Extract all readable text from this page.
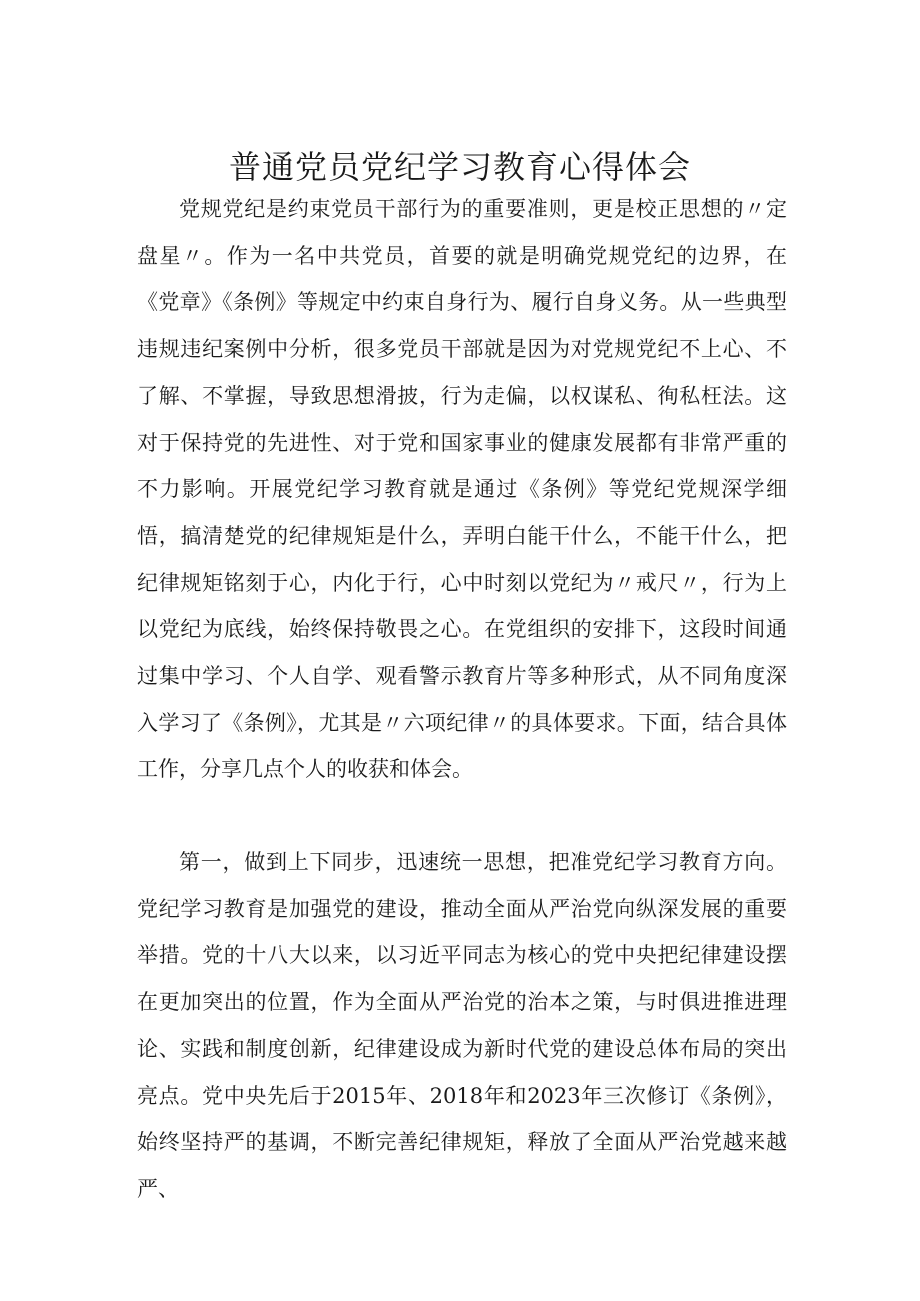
普通党员党纪学习教育心得体会

党规党纪是约束党员干部行为的重要准则，更是校正思想的〃定盘星〃。作为一名中共党员，首要的就是明确党规党纪的边界，在《党章》《条例》等规定中约束自身行为、履行自身义务。从一些典型违规违纪案例中分析，很多党员干部就是因为对党规党纪不上心、不了解、不掌握，导致思想滑披，行为走偏，以权谋私、徇私枉法。这对于保持党的先进性、对于党和国家事业的健康发展都有非常严重的不力影响。开展党纪学习教育就是通过《条例》等党纪党规深学细悟，搞清楚党的纪律规矩是什么，弄明白能干什么，不能干什么，把纪律规矩铭刻于心，内化于行，心中时刻以党纪为〃戒尺〃，行为上以党纪为底线，始终保持敬畏之心。在党组织的安排下，这段时间通过集中学习、个人自学、观看警示教育片等多种形式，从不同角度深入学习了《条例》，尤其是〃六项纪律〃的具体要求。下面，结合具体工作，分享几点个人的收获和体会。

第一，做到上下同步，迅速统一思想，把准党纪学习教育方向。党纪学习教育是加强党的建设，推动全面从严治党向纵深发展的重要举措。党的十八大以来，以习近平同志为核心的党中央把纪律建设摆在更加突出的位置，作为全面从严治党的治本之策，与时俱进推进理论、实践和制度创新，纪律建设成为新时代党的建设总体布局的突出亮点。党中央先后于2015年、2018年和2023年三次修订《条例》，始终坚持严的基调，不断完善纪律规矩，释放了全面从严治党越来越严、
